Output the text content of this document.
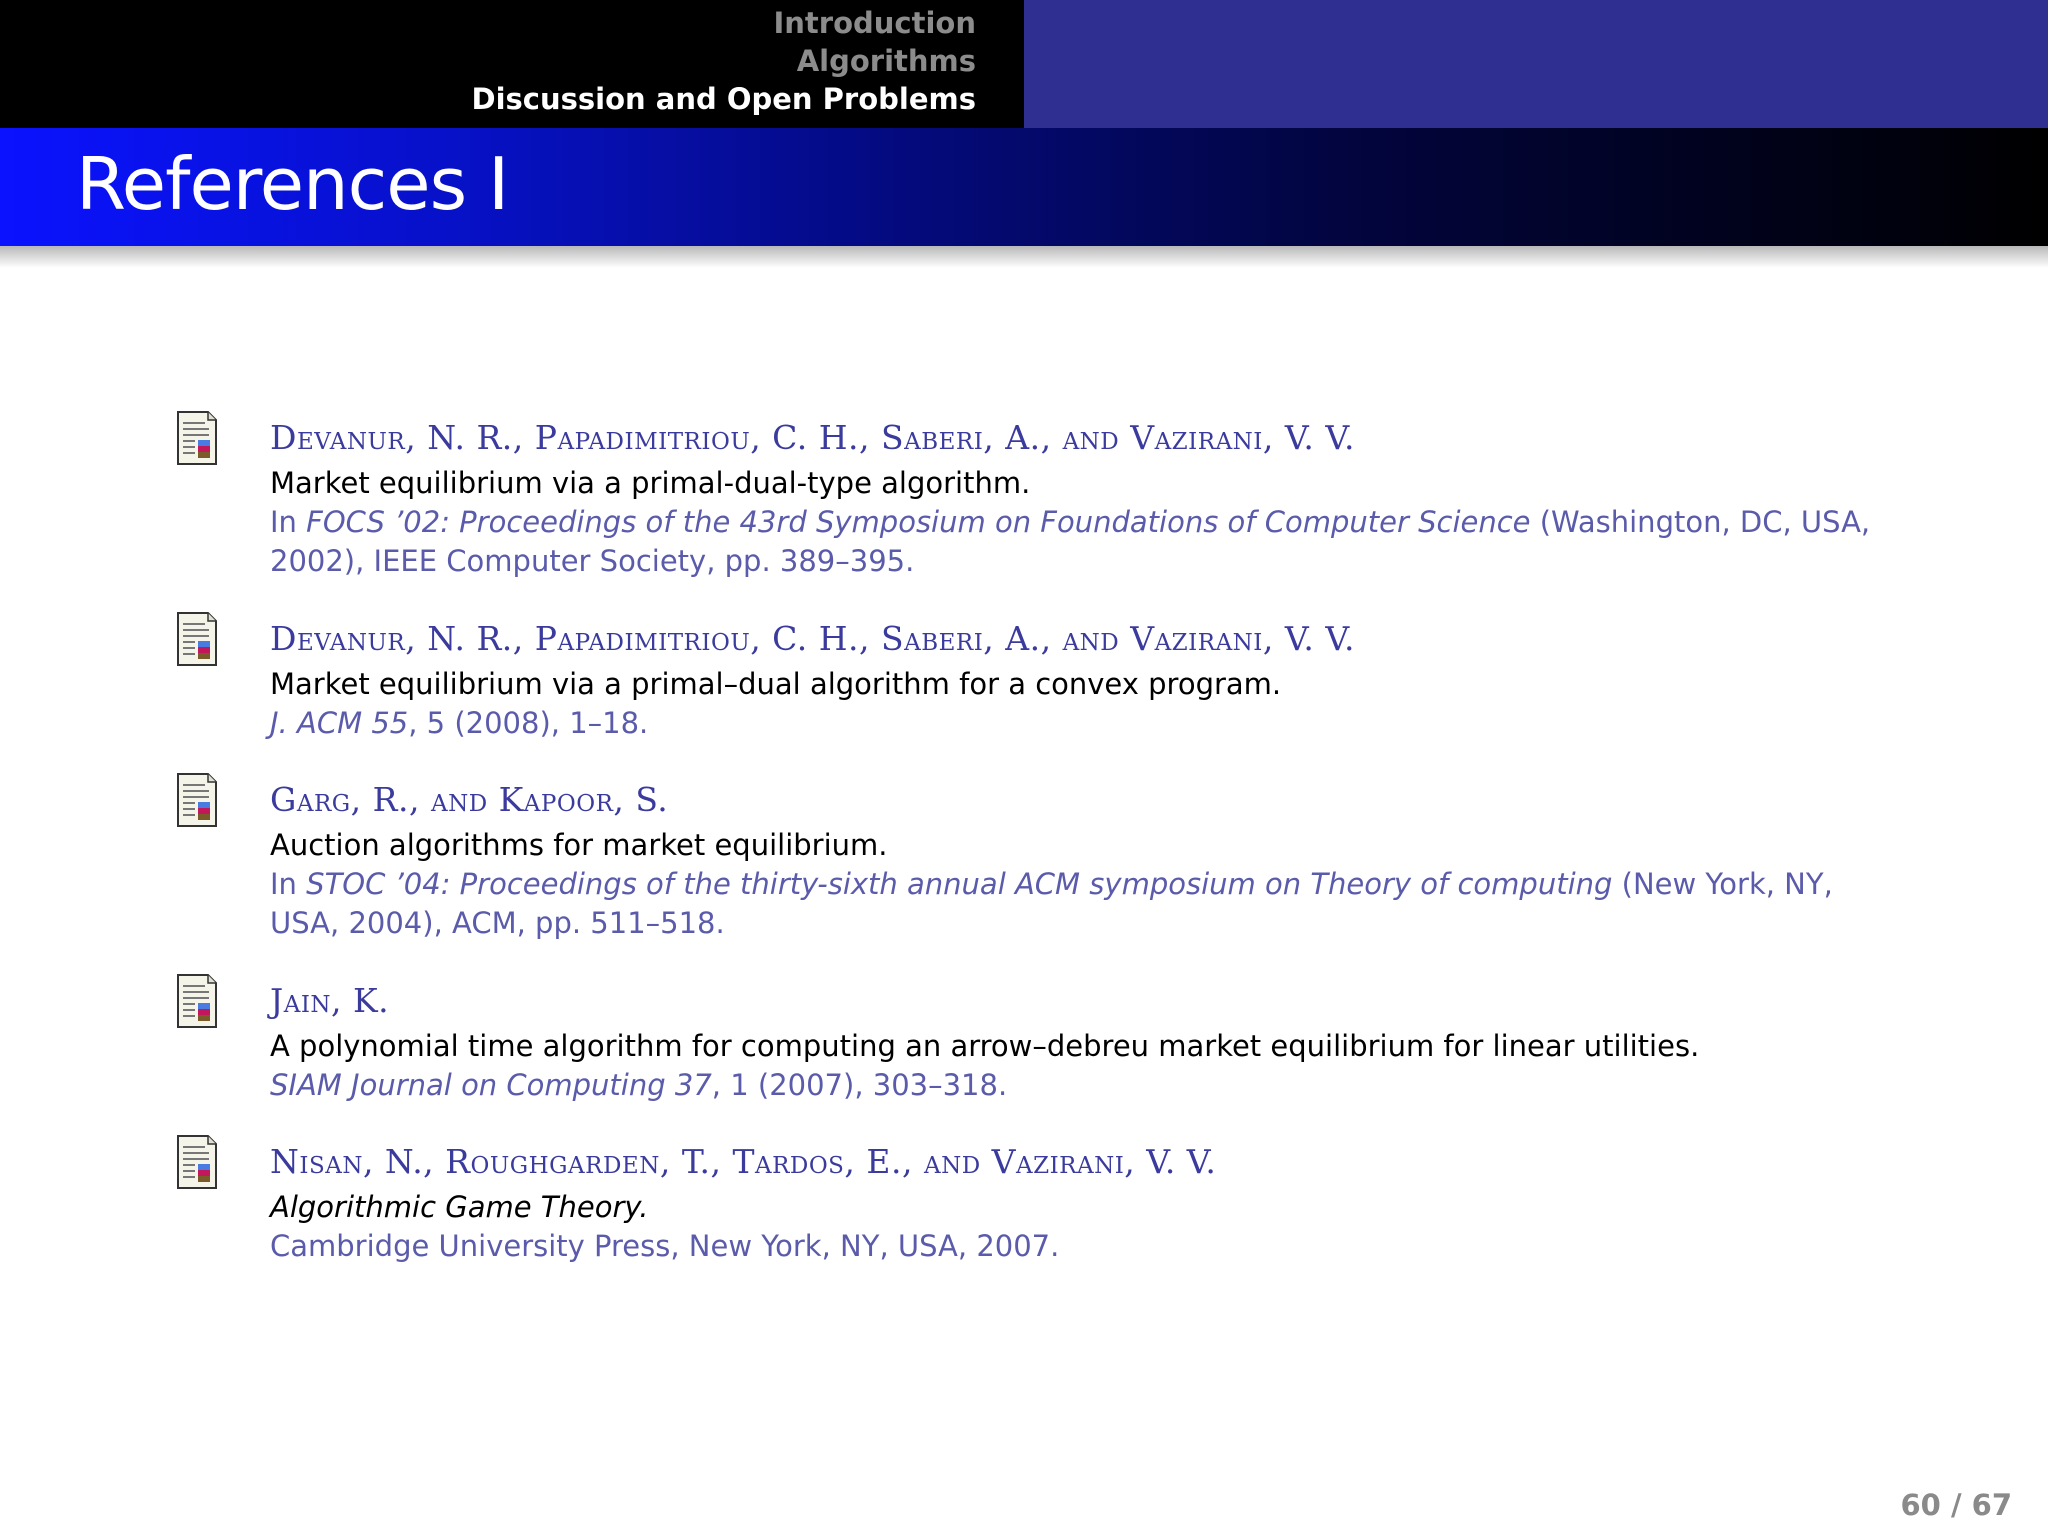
Introduction
Algorithms
Discussion and Open Problems
References I
Devanur, N. R., Papadimitriou, C. H., Saberi, A., and Vazirani, V. V.
Market equilibrium via a primal-dual-type algorithm.
In FOCS ’02: Proceedings of the 43rd Symposium on Foundations of Computer Science (Washington, DC, USA, 2002), IEEE Computer Society, pp. 389–395.
Devanur, N. R., Papadimitriou, C. H., Saberi, A., and Vazirani, V. V.
Market equilibrium via a primal–dual algorithm for a convex program.
J. ACM 55, 5 (2008), 1–18.
Garg, R., and Kapoor, S.
Auction algorithms for market equilibrium.
In STOC ’04: Proceedings of the thirty-sixth annual ACM symposium on Theory of computing (New York, NY, USA, 2004), ACM, pp. 511–518.
Jain, K.
A polynomial time algorithm for computing an arrow–debreu market equilibrium for linear utilities.
SIAM Journal on Computing 37, 1 (2007), 303–318.
Nisan, N., Roughgarden, T., Tardos, E., and Vazirani, V. V.
Algorithmic Game Theory.
Cambridge University Press, New York, NY, USA, 2007.
60 / 67
